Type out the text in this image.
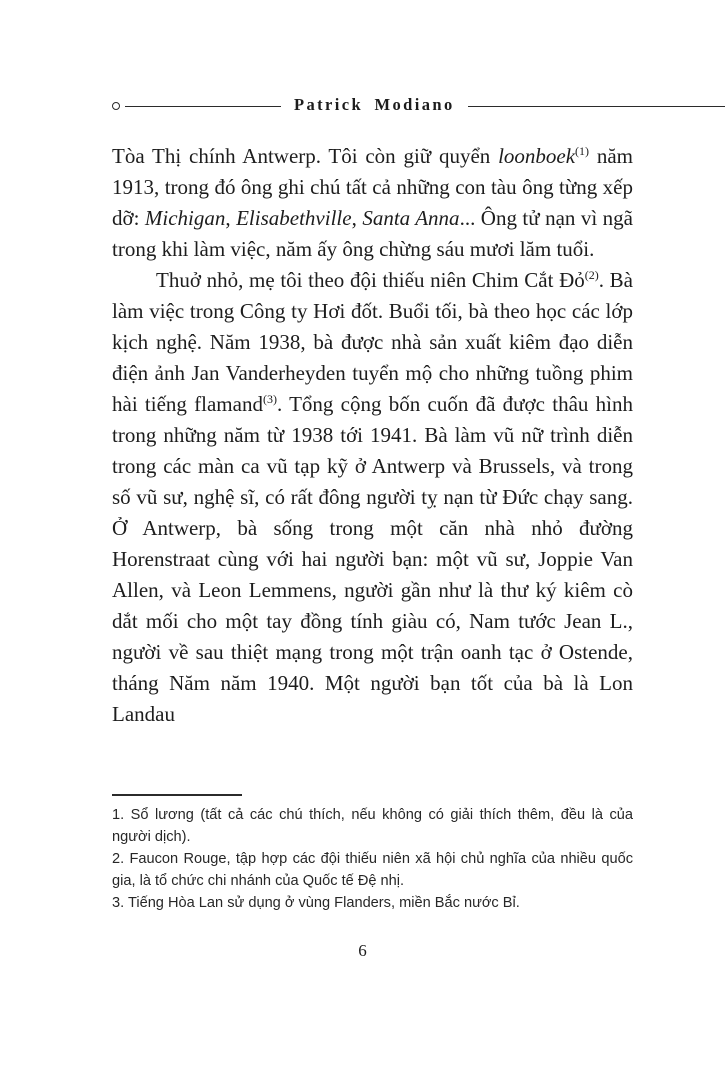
Patrick Modiano

Tòa Thị chính Antwerp. Tôi còn giữ quyển loonboek$^{(1)}$ năm 1913, trong đó ông ghi chú tất cả những con tàu ông từng xếp dỡ: Michigan, Elisabethville, Santa Anna... Ông tử nạn vì ngã trong khi làm việc, năm ấy ông chừng sáu mươi lăm tuổi.

Thuở nhỏ, mẹ tôi theo đội thiếu niên Chim Cắt Đỏ$^{(2)}$. Bà làm việc trong Công ty Hơi đốt. Buổi tối, bà theo học các lớp kịch nghệ. Năm 1938, bà được nhà sản xuất kiêm đạo diễn điện ảnh Jan Vanderheyden tuyển mộ cho những tuồng phim hài tiếng flamand$^{(3)}$. Tổng cộng bốn cuốn đã được thâu hình trong những năm từ 1938 tới 1941. Bà làm vũ nữ trình diễn trong các màn ca vũ tạp kỹ ở Antwerp và Brussels, và trong số vũ sư, nghệ sĩ, có rất đông người tỵ nạn từ Đức chạy sang. Ở Antwerp, bà sống trong một căn nhà nhỏ đường Horenstraat cùng với hai người bạn: một vũ sư, Joppie Van Allen, và Leon Lemmens, người gần như là thư ký kiêm cò dắt mối cho một tay đồng tính giàu có, Nam tước Jean L., người về sau thiệt mạng trong một trận oanh tạc ở Ostende, tháng Năm năm 1940. Một người bạn tốt của bà là Lon Landau

1. Sổ lương (tất cả các chú thích, nếu không có giải thích thêm, đều là của người dịch).

2. Faucon Rouge, tập hợp các đội thiếu niên xã hội chủ nghĩa của nhiều quốc gia, là tổ chức chi nhánh của Quốc tế Đệ nhị.

3. Tiếng Hòa Lan sử dụng ở vùng Flanders, miền Bắc nước Bỉ.

6
